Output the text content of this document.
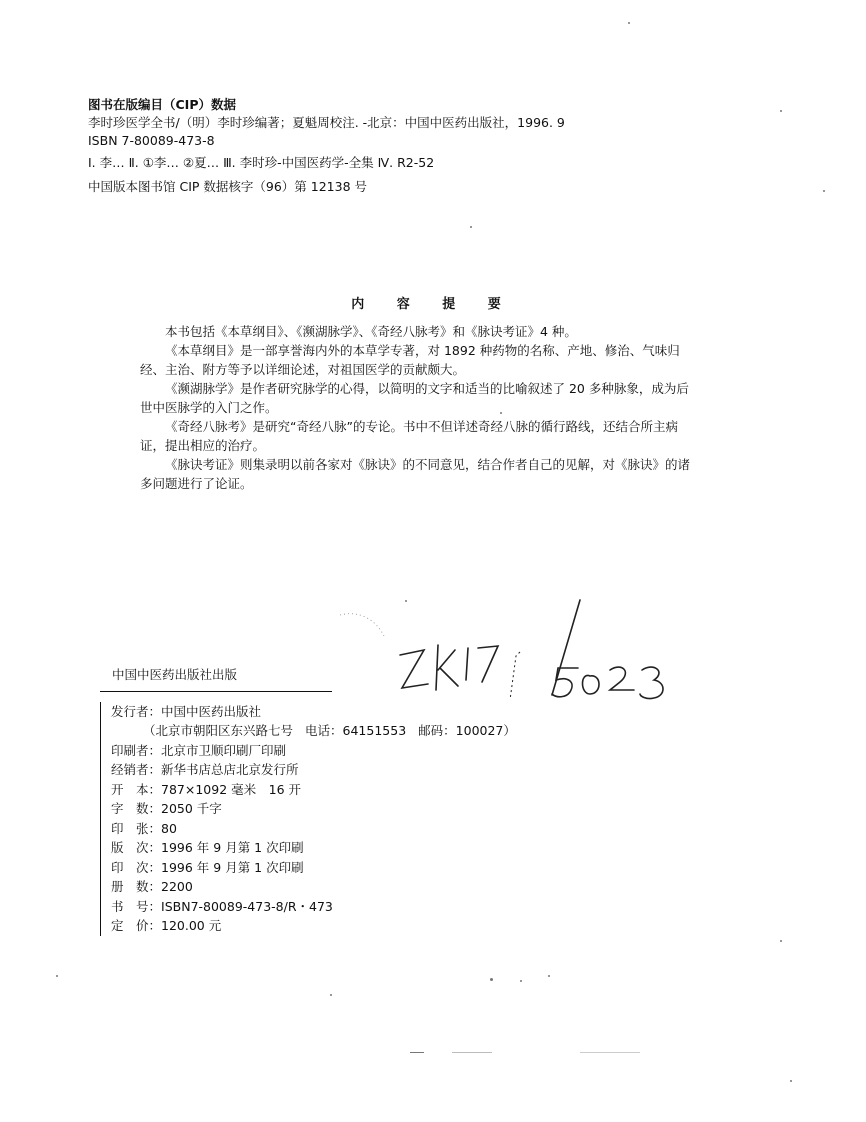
图书在版编目（CIP）数据
李时珍医学全书/（明）李时珍编著；夏魁周校注. -北京：中国中医药出版社，1996. 9
ISBN 7-80089-473-8
Ⅰ. 李… Ⅱ. ①李… ②夏… Ⅲ. 李时珍-中国医药学-全集 Ⅳ. R2-52
中国版本图书馆 CIP 数据核字（96）第 12138 号
内 容 提 要

本书包括《本草纲目》、《濒湖脉学》、《奇经八脉考》和《脉诀考证》4 种。

《本草纲目》是一部享誉海内外的本草学专著，对 1892 种药物的名称、产地、修治、气味归经、主治、附方等予以详细论述，对祖国医学的贡献颇大。

《濒湖脉学》是作者研究脉学的心得，以简明的文字和适当的比喻叙述了 20 多种脉象，成为后世中医脉学的入门之作。

《奇经八脉考》是研究“奇经八脉”的专论。书中不但详述奇经八脉的循行路线，还结合所主病证，提出相应的治疗。

《脉诀考证》则集录明以前各家对《脉诀》的不同意见，结合作者自己的见解，对《脉诀》的诸多问题进行了论证。

中国中医药出版社出版
发行者：中国中医药出版社
（北京市朝阳区东兴路七号 电话：64151553 邮码：100027）
印刷者：北京市卫顺印刷厂印刷
经销者：新华书店总店北京发行所
开　本：787×1092 毫米　16 开
字　数：2050 千字
印　张：80
版　次：1996 年 9 月第 1 次印刷
印　次：1996 年 9 月第 1 次印刷
册　数：2200
书　号：ISBN7-80089-473-8/R・473
定　价：120.00 元
